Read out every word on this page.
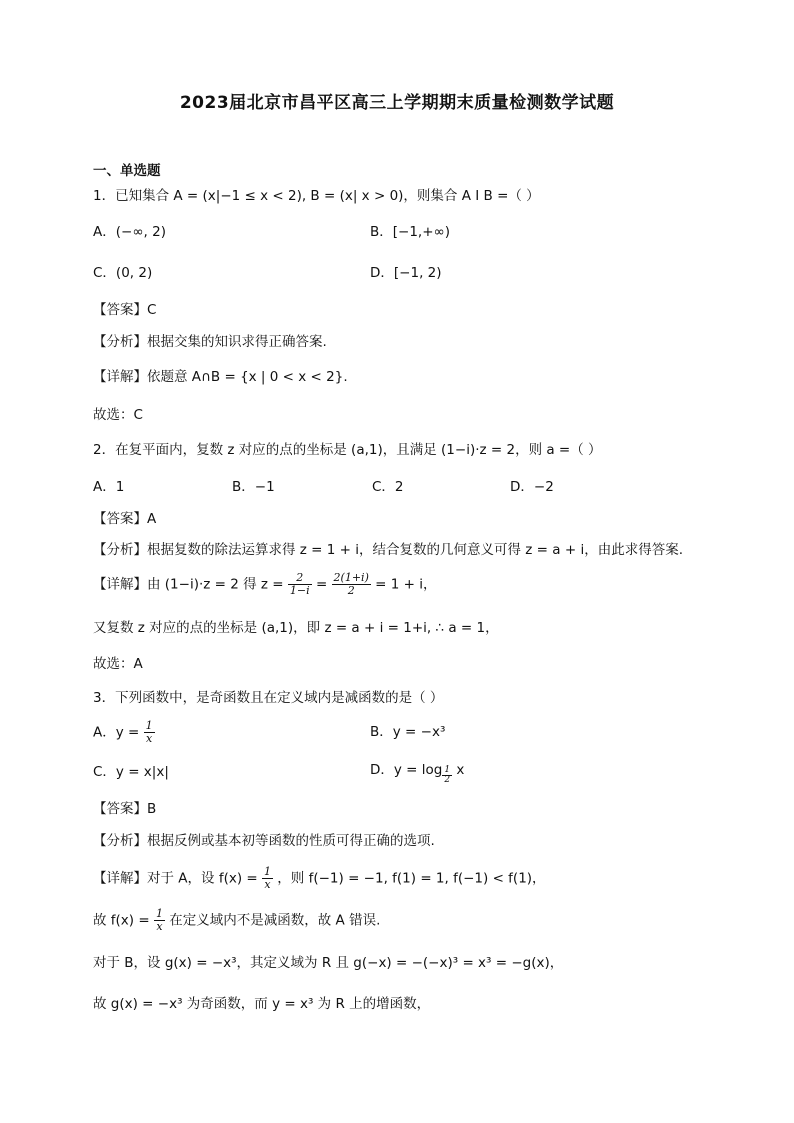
2023届北京市昌平区高三上学期期末质量检测数学试题
一、单选题
1．已知集合 A = (x|−1 ≤ x < 2), B = (x| x > 0)，则集合 A I B =（ ）
A．(−∞, 2)	B．[−1,+∞)
C．(0, 2)	D．[−1, 2)
【答案】C
【分析】根据交集的知识求得正确答案.
【详解】依题意 A∩B = {x | 0 < x < 2}.
故选：C
2．在复平面内，复数 z 对应的点的坐标是 (a,1)，且满足 (1−i)·z = 2，则 a =（ ）
A．1	B．−1	C．2	D．−2
【答案】A
【分析】根据复数的除法运算求得 z = 1 + i，结合复数的几何意义可得 z = a + i，由此求得答案.
【详解】由 (1−i)·z = 2 得 $z = \frac{2}{1-i} = \frac{2(1+i)}{2} = 1 + i$，
又复数 z 对应的点的坐标是 (a,1)，即 z = a + i = 1+i, ∴ a = 1，
故选：A
3．下列函数中，是奇函数且在定义域内是减函数的是（ ）
A．$y = \frac{1}{x}$	B．y = −x³
C．y = x|x|	D．$y = \log \frac{1}{2}$ x
【答案】B
【分析】根据反例或基本初等函数的性质可得正确的选项.
【详解】对于 A，设 $f(x) = \frac{1}{x}$ ，则 f(−1) = −1, f(1) = 1, f(−1) < f(1)，
故 $f(x) = \frac{1}{x}$ 在定义域内不是减函数，故 A 错误.
对于 B，设 g(x) = −x³，其定义域为 R 且 g(−x) = −(−x)³ = x³ = −g(x)，
故 g(x) = −x³ 为奇函数，而 y = x³ 为 R 上的增函数，
